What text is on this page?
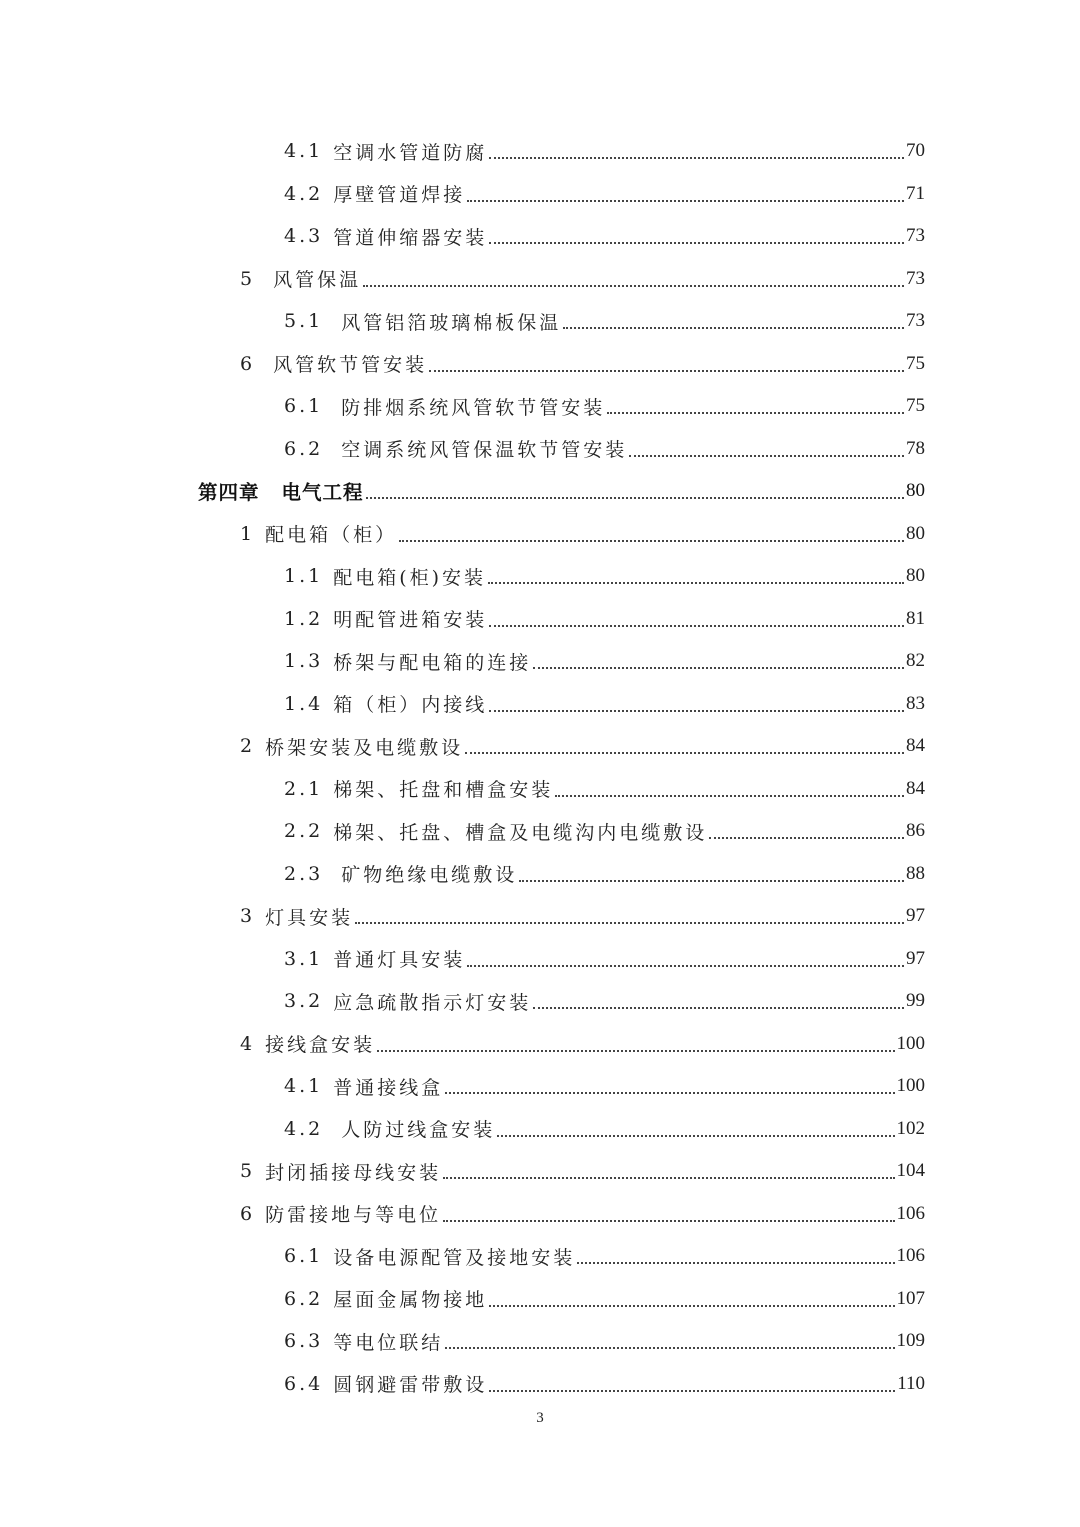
4.1 空调水管道防腐	70
4.2 厚壁管道焊接	71
4.3 管道伸缩器安装	73
5 风管保温	73
5.1 风管铝箔玻璃棉板保温	73
6 风管软节管安装	75
6.1 防排烟系统风管软节管安装	75
6.2 空调系统风管保温软节管安装	78
第四章 电气工程	80
1 配电箱（柜）	80
1.1 配电箱(柜)安装	80
1.2 明配管进箱安装	81
1.3 桥架与配电箱的连接	82
1.4 箱（柜）内接线	83
2 桥架安装及电缆敷设	84
2.1 梯架、托盘和槽盒安装	84
2.2 梯架、托盘、槽盒及电缆沟内电缆敷设	86
2.3 矿物绝缘电缆敷设	88
3 灯具安装	97
3.1 普通灯具安装	97
3.2 应急疏散指示灯安装	99
4 接线盒安装	100
4.1 普通接线盒	100
4.2 人防过线盒安装	102
5 封闭插接母线安装	104
6 防雷接地与等电位	106
6.1 设备电源配管及接地安装	106
6.2 屋面金属物接地	107
6.3 等电位联结	109
6.4 圆钢避雷带敷设	110
3
